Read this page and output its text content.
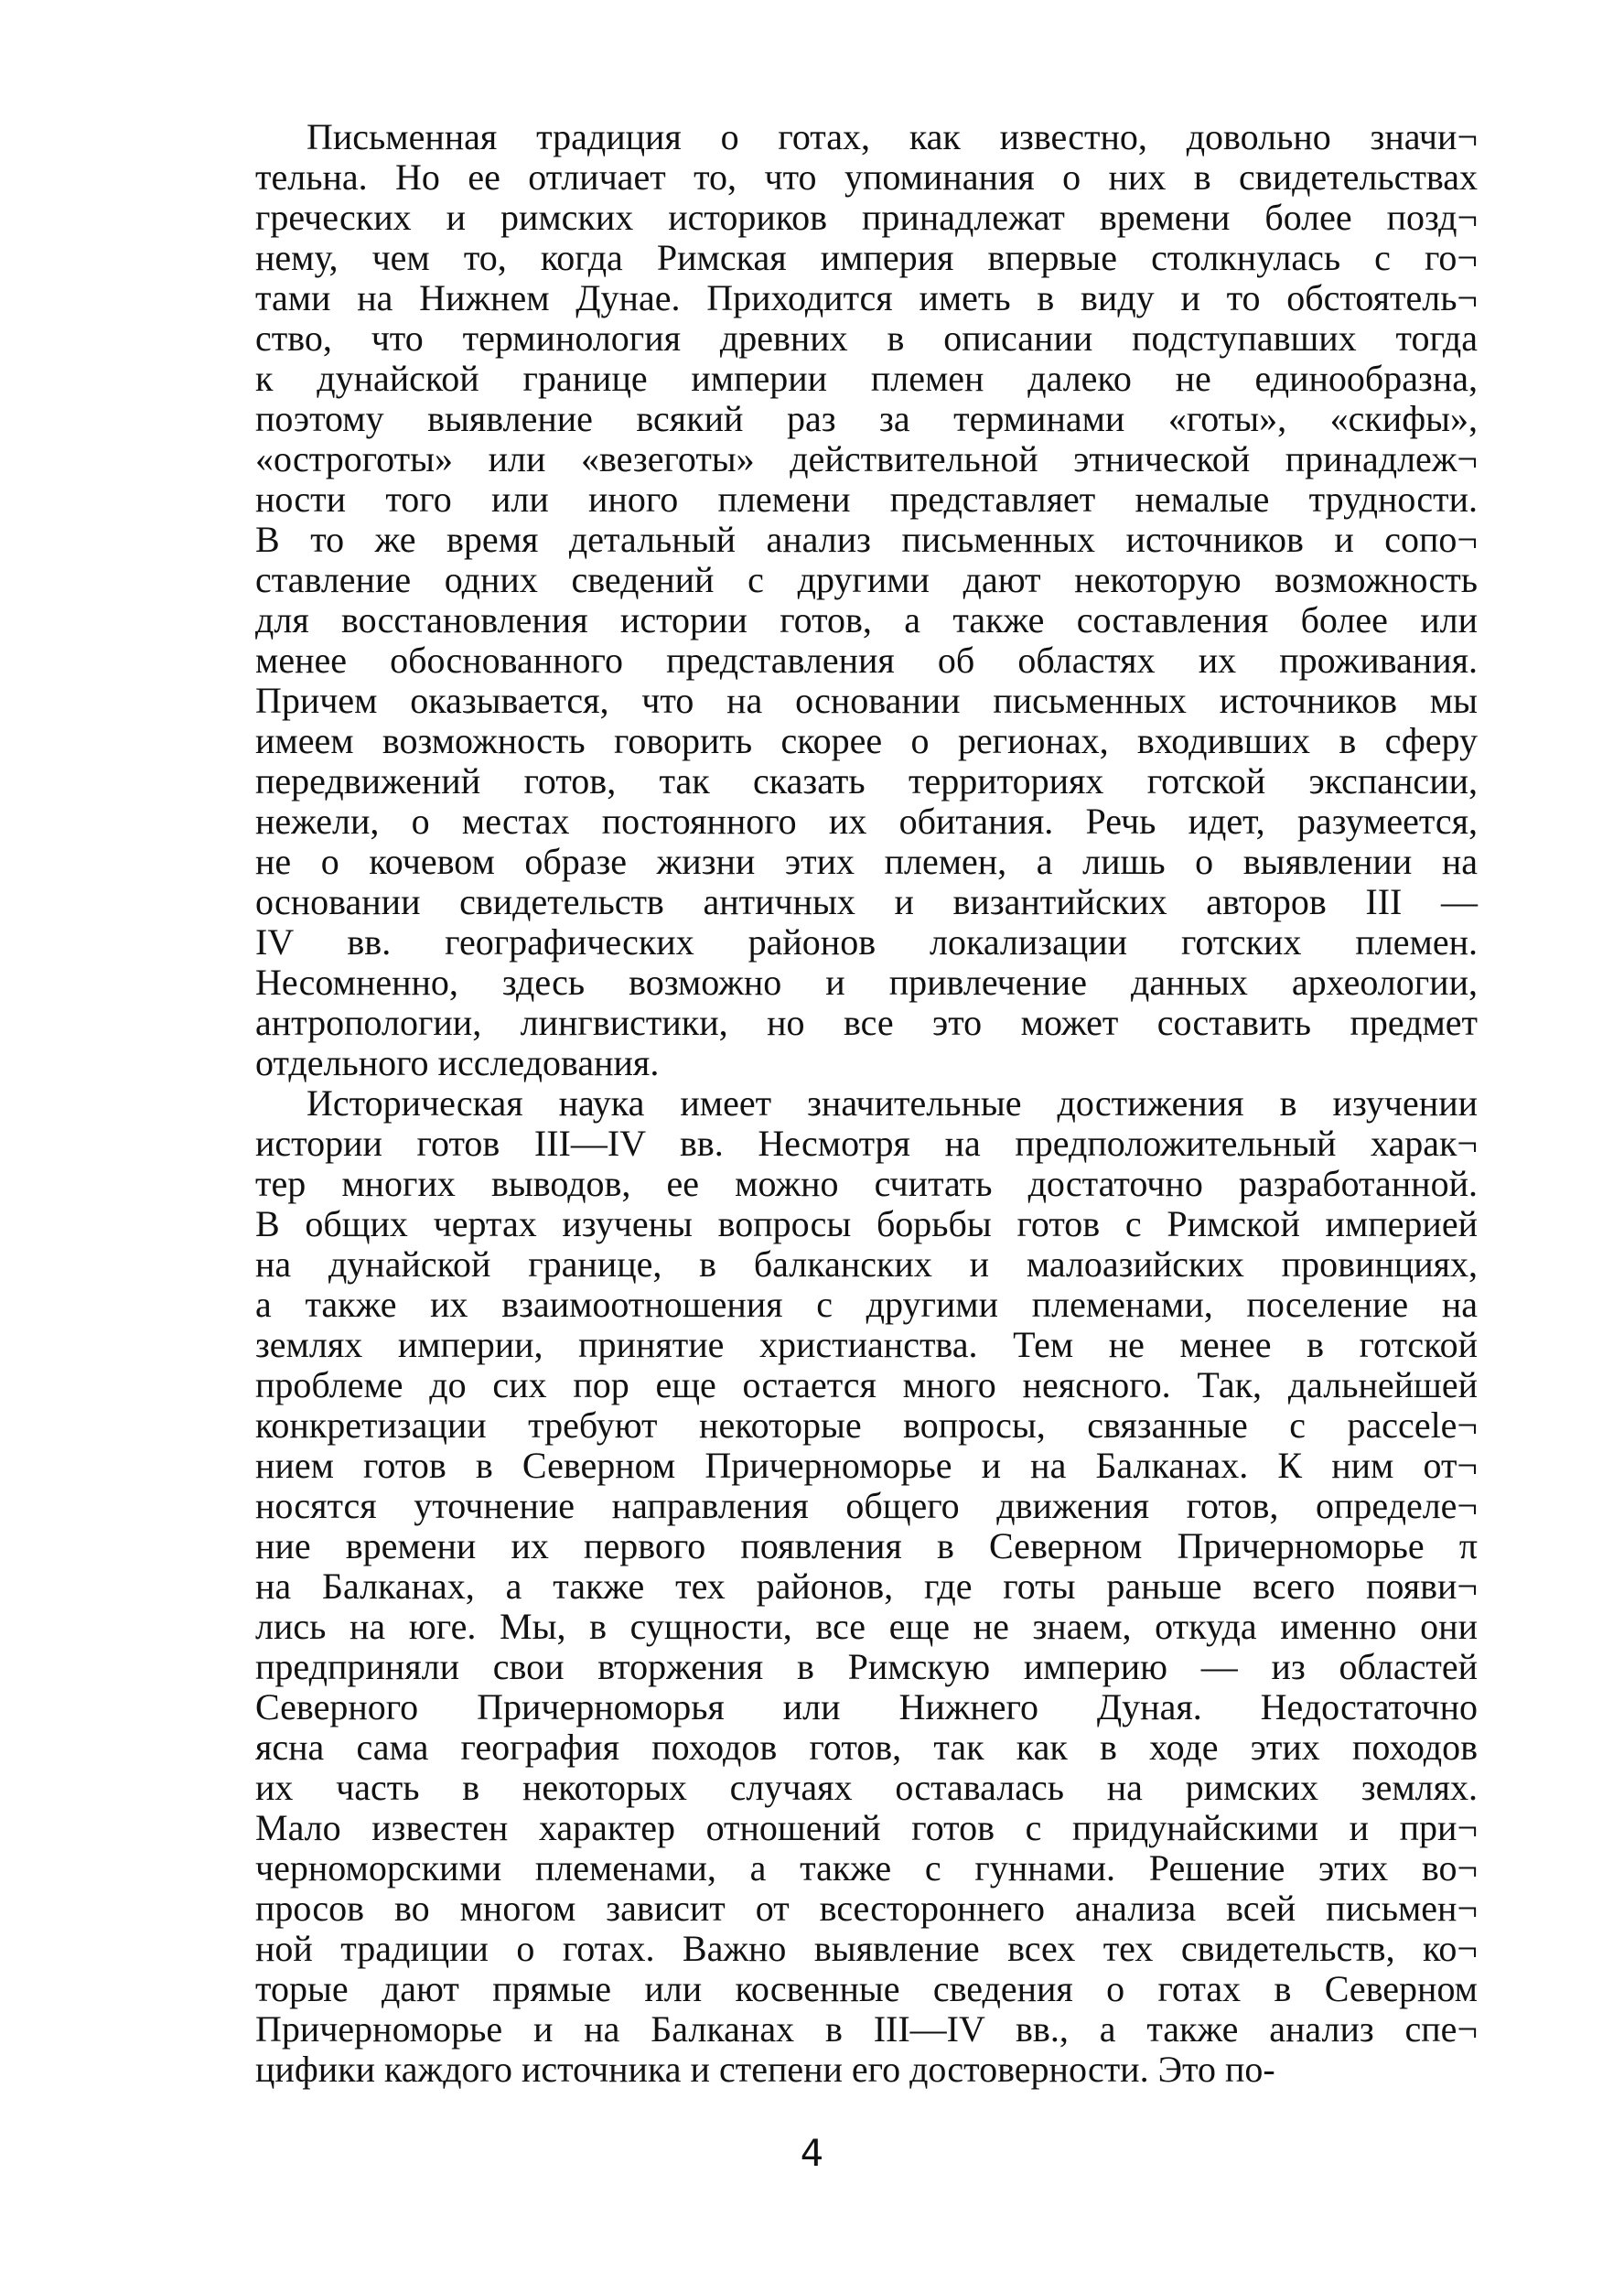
Письменная традиция о готах, как известно, довольно значи¬
тельна. Но ее отличает то, что упоминания о них в свидетельствах
греческих и римских историков принадлежат времени более позд¬
нему, чем то, когда Римская империя впервые столкнулась с го¬
тами на Нижнем Дунае. Приходится иметь в виду и то обстоятель¬
ство, что терминология древних в описании подступавших тогда
к дунайской границе империи племен далеко не единообразна,
поэтому выявление всякий раз за терминами «готы», «скифы»,
«остроготы» или «везеготы» действительной этнической принадлеж¬
ности того или иного племени представляет немалые трудности.
В то же время детальный анализ письменных источников и сопо¬
ставление одних сведений с другими дают некоторую возможность
для восстановления истории готов, а также составления более или
менее обоснованного представления об областях их проживания.
Причем оказывается, что на основании письменных источников мы
имеем возможность говорить скорее о регионах, входивших в сферу
передвижений готов, так сказать территориях готской экспансии,
нежели, о местах постоянного их обитания. Речь идет, разумеется,
не о кочевом образе жизни этих племен, а лишь о выявлении на
основании свидетельств античных и византийских авторов III —
IV вв. географических районов локализации готских племен.
Несомненно, здесь возможно и привлечение данных археологии,
антропологии, лингвистики, но все это может составить предмет
отдельного исследования.
Историческая наука имеет значительные достижения в изучении
истории готов III—IV вв. Несмотря на предположительный харак¬
тер многих выводов, ее можно считать достаточно разработанной.
В общих чертах изучены вопросы борьбы готов с Римской империей
на дунайской границе, в балканских и малоазийских провинциях,
а также их взаимоотношения с другими племенами, поселение на
землях империи, принятие христианства. Тем не менее в готской
проблеме до сих пор еще остается много неясного. Так, дальнейшей
конкретизации требуют некоторые вопросы, связанные с рассele¬
нием готов в Северном Причерноморье и на Балканах. К ним от¬
носятся уточнение направления общего движения готов, определе¬
ние времени их первого появления в Северном Причерноморье π
на Балканах, а также тех районов, где готы раньше всего появи¬
лись на юге. Мы, в сущности, все еще не знаем, откуда именно они
предприняли свои вторжения в Римскую империю — из областей
Северного Причерноморья или Нижнего Дуная. Недостаточно
ясна сама география походов готов, так как в ходе этих походов
их часть в некоторых случаях оставалась на римских землях.
Мало известен характер отношений готов с придунайскими и при¬
черноморскими племенами, а также с гуннами. Решение этих во¬
просов во многом зависит от всестороннего анализа всей письмен¬
ной традиции о готах. Важно выявление всех тех свидетельств, ко¬
торые дают прямые или косвенные сведения о готах в Северном
Причерноморье и на Балканах в III—IV вв., а также анализ спе¬
цифики каждого источника и степени его достоверности. Это по-
4
